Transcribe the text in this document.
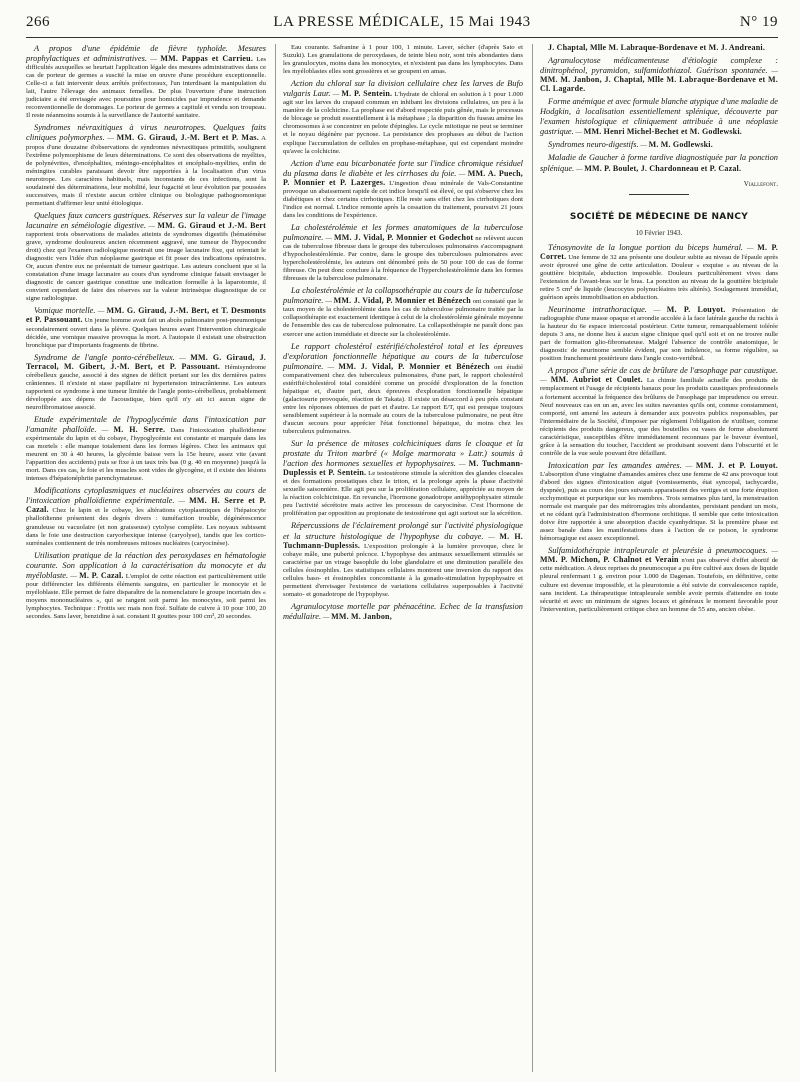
266	LA PRESSE MÉDICALE, 15 Mai 1943	N° 19

A propos d'une épidémie de fièvre typhoïde. Mesures prophylactiques et administratives. — MM. Pappas et Carrieu. Les difficultés auxquelles se heurtait l'application légale des mesures administratives dans ce cas de porteur de germes a suscité la mise en œuvre d'une procédure exceptionnelle. Celle-ci a fait intervenir deux arrêtés préfectoraux, l'un interdisant la manipulation du lait, l'autre l'élevage des animaux femelles. De plus l'ouverture d'une instruction judiciaire a été envisagée avec poursuites pour homicides par imprudence et demande reconventionnelle de dommages. Le porteur de germes a capitulé et vendu son troupeau. Il reste néanmoins soumis à la surveillance de l'autorité sanitaire.

Syndromes névraxitiques à virus neurotropes. Quelques faits cliniques polymorphes. — MM. G. Giraud, J.-M. Bert et P. Mas. A propos d'une douzaine d'observations de syndromes névraxitiques primitifs, soulignent l'extrême polymorphisme de leurs déterminations. Ce sont des observations de myélites, de polynévrites, d'encéphalites, méningo-encéphalites et encéphalo-myélites, enfin de méningites curables paraissant devoir être rapportées à la localisation d'un virus neurotrope. Les caractères habituels, mais inconstants de ces infections, sont la soudaineté des déterminations, leur mobilité, leur fugacité et leur évolution par poussées successives, mais il n'existe aucun critère clinique ou biologique pathognomonique permettant d'affirmer leur unité étiologique.

Quelques faux cancers gastriques. Réserves sur la valeur de l'image lacunaire en séméiologie digestive. — MM. G. Giraud et J.-M. Bert rapportent trois observations de malades atteints de syndromes digestifs (hématémèse grave, syndrome douloureux ancien récemment aggravé, une tumeur de l'hypocondre droit) chez qui l'examen radiologique montrait une image lacunaire fixe, qui orientait le diagnostic vers l'idée d'un néoplasme gastrique et fit poser des indications opératoires. Or, aucun d'entre eux ne présentait de tumeur gastrique. Les auteurs concluent que si la constatation d'une image lacunaire au cours d'un syndrome clinique faisait envisager le diagnostic de cancer gastrique constitue une indication formelle à la laparotomie, il convient cependant de faire des réserves sur la valeur intrinsèque diagnostique de ce signe radiologique.

Vomique mortelle. — MM. G. Giraud, J.-M. Bert, et T. Desmonts et P. Passouant. Un jeune homme avait fait un abcès pulmonaire post-pneumonique secondairement ouvert dans la plèvre. Quelques heures avant l'intervention chirurgicale décidée, une vomique massive provoqua la mort. A l'autopsie il existait une obstruction bronchique par d'importants fragments de fibrine.

Syndrome de l'angle ponto-cérébelleux. — MM. G. Giraud, J. Terracol, M. Gibert, J.-M. Bert, et P. Passouant. Hémisyndrome cérébelleux gauche, associé à des signes de déficit portant sur les dix dernières paires crâniennes. Il n'existe ni stase papillaire ni hypertension intracrânienne. Les auteurs rapportent ce syndrome à une tumeur limitée de l'angle ponto-cérébelleux, probablement développée aux dépens de l'acoustique, bien qu'il n'y ait ici aucun signe de neurofibromatose associé.

Etude expérimentale de l'hypoglycémie dans l'intoxication par l'amanite phalloïde. — M. H. Serre. Dans l'intoxication phalloïdienne expérimentale du lapin et du cobaye, l'hypoglycémie est constante et marquée dans les cas mortels : elle manque totalement dans les formes légères. Chez les animaux qui meurent en 30 à 40 heures, la glycémie baisse vers la 15e heure, assez vite (avant l'apparition des accidents) puis se fixe à un taux très bas (0 g. 40 en moyenne) jusqu'à la mort. Dans ces cas, le foie et les muscles sont vides de glycogène, et il existe des lésions intenses d'hépatonéphrite parenchymateuse.

Modifications cytoplasmiques et nucléaires observées au cours de l'intoxication phalloïdienne expérimentale. — MM. H. Serre et P. Cazal. Chez le lapin et le cobaye, les altérations cytoplasmiques de l'hépatocyte phalloïdienne présentent des degrés divers : tuméfaction trouble, dégénérescence granuleuse ou vacuolaire (et non graisseuse) cytolyse complète. Les noyaux subissent dans le foie une destruction caryorhexique intense (caryolyse), tandis que les cortico-surrénales contiennent de très nombreuses mitoses nucléaires (caryocinèse).

Utilisation pratique de la réaction des peroxydases en hématologie courante. Son application à la caractérisation du monocyte et du myéloblaste. — M. P. Cazal. L'emploi de cette réaction est particulièrement utile pour différencier les différents éléments sanguins, en particulier le monocyte et le myéloblaste. Elle permet de faire disparaître de la nomenclature le groupe incertain des « moyens mononucléaires », qui se rangent soit parmi les monocytes, soit parmi les lymphocytes. Technique : Frottis sec mais non fixé. Sulfate de cuivre à 10 pour 100, 20 secondes. Sans laver, benzidine à sat. constant II gouttes pour 100 cm³, 20 secondes.

Eau courante. Safranine à 1 pour 100, 1 minute. Laver, sécher (d'après Sato et Suzuki). Les granulations de peroxydases, de teinte bleu noir, sont très abondantes dans les granulocytes, moins dans les monocytes, et n'existent pas dans les lymphocytes. Dans les myéloblastes elles sont grossières et se groupent en amas.

Action du chloral sur la division cellulaire chez les larves de Bufo vulgaris Laur. — M. P. Sentein. L'hydrate de chloral en solution à 1 pour 1.000 agit sur les larves du crapaud commun en inhibant les divisions cellulaires, un peu à la manière de la colchicine. La prophase est d'abord respectée puis gênée, mais le processus de blocage se produit essentiellement à la métaphase ; la disparition du fuseau amène les chromosomes à se concentrer en pelote d'épingles. Le cycle mitotique ne peut se terminer et le noyau dégénère par pycnose. La persistance des prophases au début de l'action explique l'accumulation de cellules en prophase-métaphase, qui est cependant moindre qu'avec la colchicine.

Action d'une eau bicarbonatée forte sur l'indice chromique résiduel du plasma dans le diabète et les cirrhoses du foie. — MM. A. Puech, P. Monnier et P. Lazerges. L'ingestion d'eau minérale de Vals-Constantine provoque un abaissement rapide de cet indice lorsqu'il est élevé, ce qui s'observe chez les diabétiques et chez certains cirrhotiques. Elle reste sans effet chez les cirrhotiques dont l'indice est normal. L'indice remonte après la cessation du traitement, poursuivi 21 jours dans les conditions de l'expérience.

La cholestérolémie et les formes anatomiques de la tuberculose pulmonaire. — MM. J. Vidal, P. Monnier et Godechot ne relèvent aucun cas de tuberculose fibreuse dans le groupe des tuberculoses pulmonaires s'accompagnant d'hypocholestérolémie. Par contre, dans le groupe des tuberculoses pulmonaires avec hypercholestérolémie, les auteurs ont dénombré près de 50 pour 100 de cas de forme fibreuse. On peut donc conclure à la fréquence de l'hypercholestérolémie dans les formes fibreuses de la tuberculose pulmonaire.

La cholestérolémie et la collapsothérapie au cours de la tuberculose pulmonaire. — MM. J. Vidal, P. Monnier et Bénézech ont constaté que le taux moyen de la cholestérolémie dans les cas de tuberculose pulmonaire traitée par la collapsothérapie est exactement identique à celui de la cholestérolémie générale moyenne de l'ensemble des cas de tuberculose pulmonaire. La collapsothérapie ne paraît donc pas exercer une action immédiate et directe sur la cholestérolémie.

Le rapport cholestérol estérifié/cholestérol total et les épreuves d'exploration fonctionnelle hépatique au cours de la tuberculose pulmonaire. — MM. J. Vidal, P. Monnier et Bénézech ont étudié comparativement chez des tuberculeux pulmonaires, d'une part, le rapport cholestérol estérifié/cholestérol total considéré comme un procédé d'exploration de la fonction hépatique et, d'autre part, deux épreuves d'exploration fonctionnelle hépatique (galactosurie provoquée, réaction de Takata). Il existe un désaccord à peu près constant entre les réponses obtenues de part et d'autre. Le rapport E/T, qui est presque toujours sensiblement supérieur à la normale au cours de la tuberculose pulmonaire, ne peut être d'aucun secours pour apprécier l'état fonctionnel hépatique, du moins chez les tuberculeux pulmonaires.

Sur la présence de mitoses colchiciniques dans le cloaque et la prostate du Triton marbré (« Molge marmorata » Latr.) soumis à l'action des hormones sexuelles et hypophysaires. — M. Tuchmann-Duplessis et P. Sentein. Le testostérone stimule la sécrétion des glandes cloacales et des formations prostatiques chez le triton, et la prolonge après la phase d'activité sexuelle saisonnière. Elle agit peu sur la prolifération cellulaire, appréciée au moyen de la réaction colchicinique. En revanche, l'hormone gonadotrope antéhypophysaire stimule peu l'activité sécrétoire mais active les processus de caryocinèse. C'est l'hormone de prolifération par opposition au propionate de testostérone qui agit surtout sur la sécrétion.

Répercussions de l'éclairement prolongé sur l'activité physiologique et la structure histologique de l'hypophyse du cobaye. — M. H. Tuchmann-Duplessis. L'exposition prolongée à la lumière provoque, chez le cobaye mâle, une puberté précoce. L'hypophyse des animaux sexuellement stimulés se caractérise par un virage basophile du lobe glandulaire et une diminution parallèle des cellules éosinophiles. Les statistiques cellulaires montrent une inversion du rapport des cellules baso- et éosinophiles concomitante à la gonado-stimulation hypophysaire et permettent d'envisager l'existence de variations cellulaires superposables à l'activité somato- et gonadotrope de l'hypophyse.

Agranulocytose mortelle par phénacétine. Echec de la transfusion médullaire. — MM. M. Janbon,

J. Chaptal, Mlle M. Labraque-Bordenave et M. J. Andreani.

Agranulocytose médicamenteuse d'étiologie complexe : dinitrophénol, pyramidon, sulfamidothiazol. Guérison spontanée. — MM. M. Janbon, J. Chaptal, Mlle M. Labraque-Bordenave et M. Cl. Lagarde.

Forme anémique et avec formule blanche atypique d'une maladie de Hodgkin, à localisation essentiellement splénique, découverte par l'examen histologique et cliniquement attribuée à une néoplasie gastrique. — MM. Henri Michel-Bechet et M. Godlewski.

Syndromes neuro-digestifs. — M. M. Godlewski.

Maladie de Gaucher à forme tardive diagnostiquée par la ponction splénique. — MM. P. Boulet, J. Chardonneau et P. Cazal.

Viallefont.
SOCIÉTÉ DE MÉDECINE DE NANCY
10 Février 1943.

Ténosynovite de la longue portion du biceps huméral. — M. P. Corret. Une femme de 32 ans présente une douleur subite au niveau de l'épaule après avoir éprouvé une gêne de cette articulation. Douleur « exquise » au niveau de la gouttière bicipitale, abduction impossible. Douleurs particulièrement vives dans l'extension de l'avant-bras sur le bras. La ponction au niveau de la gouttière bicipitale retire 5 cm³ de liquide (leucocytes polynucléaires très altérés). Soulagement immédiat, guérison après immobilisation en abduction.

Neurinome intrathoracique. — M. P. Louyot. Présentation de radiographie d'une masse opaque et arrondie accolée à la face latérale gauche du rachis à la hauteur du 6e espace intercostal postérieur. Cette tumeur, remarquablement tolérée depuis 3 ans, ne donne lieu à aucun signe clinique quel qu'il soit et on ne trouve nulle part de formation glio-fibromateuse. Malgré l'absence de contrôle anatomique, le diagnostic de neurinome semble évident, par son indolence, sa forme régulière, sa position franchement postérieure dans l'angle costo-vertébral.

A propos d'une série de cas de brûlure de l'œsophage par caustique. — MM. Aubriot et Coulet. La chimie familiale actuelle des produits de remplacement et l'usage de récipients banaux pour les produits caustiques professionnels a fortement accentué la fréquence des brûlures de l'œsophage par imprudence ou erreur. Neuf nouveaux cas en un an, avec les suites navrantes qu'ils ont, comme constamment, comporté, ont amené les auteurs à demander aux pouvoirs publics responsables, par l'intermédiaire de la Société, d'imposer par règlement l'obligation de n'utiliser, comme récipients des produits dangereux, que des bouteilles ou vases de forme absolument caractéristique, susceptibles d'être immédiatement reconnues par le buveur éventuel, grâce à la sensation du toucher, l'accident se produisant souvent dans l'obscurité et le contrôle de la vue seule pouvant être défaillant.

Intoxication par les amandes amères. — MM. J. et P. Louyot. L'absorption d'une vingtaine d'amandes amères chez une femme de 42 ans provoque tout d'abord des signes d'intoxication aiguë (vomissements, état syncopal, tachycardie, dyspnée), puis au cours des jours suivants apparaissent des vertiges et une forte éruption ecchymotique et purpurique sur les membres. Trois semaines plus tard, la menstruation normale est marquée par des métrorragies très abondantes, persistant pendant un mois, et ne cédant qu'à l'administration d'hormone orchitique. Il semble que cette intoxication doive être rapportée à une absorption d'acide cyanhydrique. Si la première phase est assez banale dans les manifestations dues à l'action de ce poison, le syndrome hémorragique est assez exceptionnel.

Sulfamidothérapie intrapleurale et pleurésie à pneumocoques. — MM. P. Michon, P. Chalnot et Verain n'ont pas observé d'effet abortif de cette médication. A deux reprises du pneumocoque a pu être cultivé aux doses de liquide pleural renfermant 1 g. environ pour 1.000 de Dagenan. Toutefois, en définitive, cette culture est devenue impossible, et la pleurotomie a été suivie de convalescence rapide, sans incident. La thérapeutique intrapleurale semble avoir permis d'attendre en toute sécurité et avec un minimum de signes locaux et généraux le moment favorable pour l'intervention, particulièrement critique chez un homme de 55 ans, ancien obèse.
